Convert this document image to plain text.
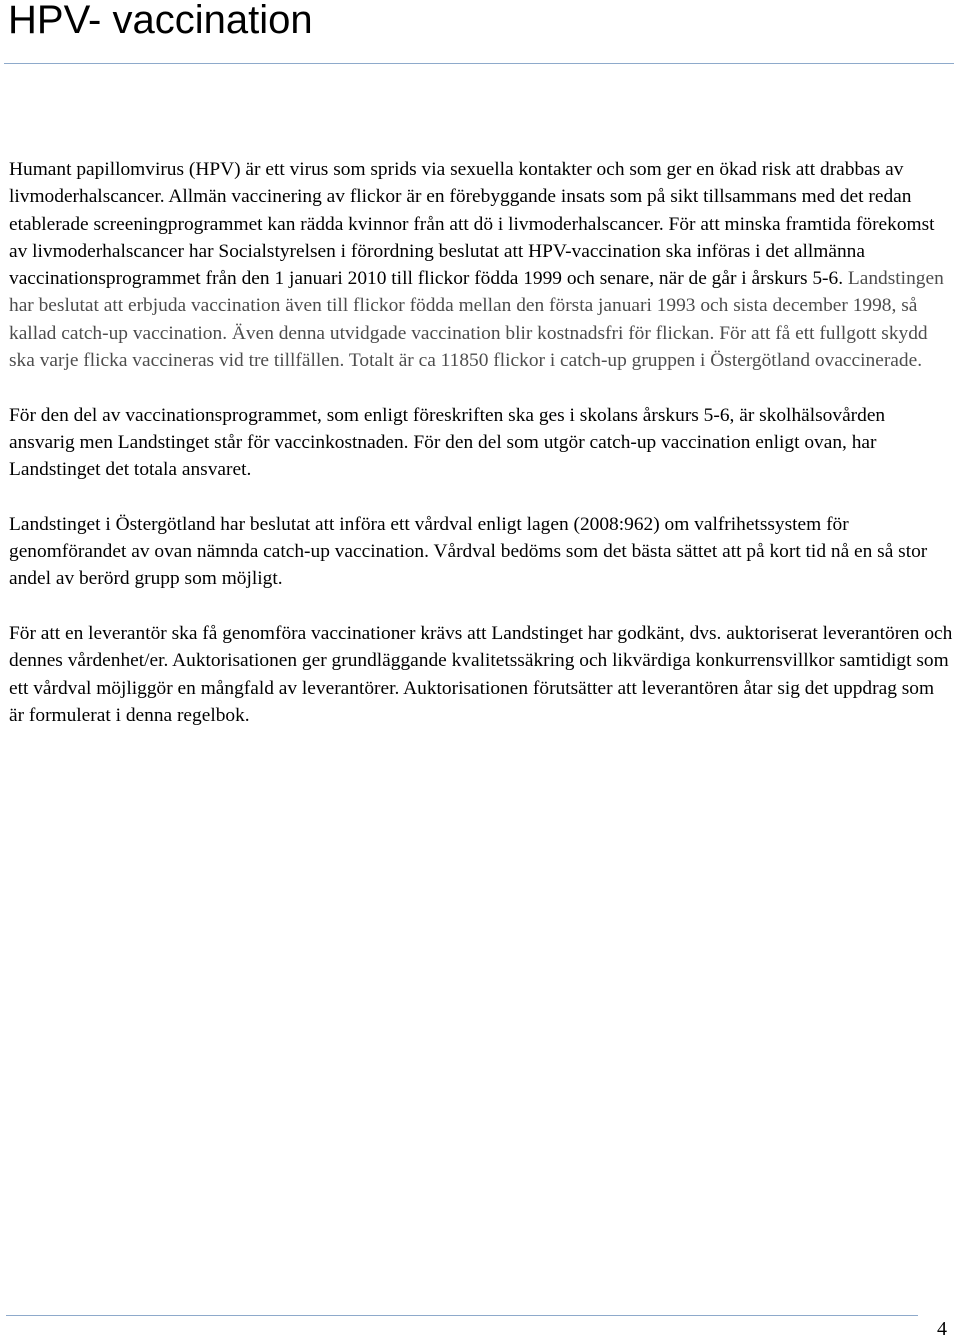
HPV- vaccination

Humant papillomvirus (HPV) är ett virus som sprids via sexuella kontakter och som ger en ökad risk att drabbas av livmoderhalscancer. Allmän vaccinering av flickor är en förebyggande insats som på sikt tillsammans med det redan etablerade screeningprogrammet kan rädda kvinnor från att dö i livmoderhalscancer. För att minska framtida förekomst av livmoderhalscancer har Socialstyrelsen i förordning beslutat att HPV-vaccination ska införas i det allmänna vaccinationsprogrammet från den 1 januari 2010 till flickor födda 1999 och senare, när de går i årskurs 5-6. Landstingen har beslutat att erbjuda vaccination även till flickor födda mellan den första januari 1993 och sista december 1998, så kallad catch-up vaccination. Även denna utvidgade vaccination blir kostnadsfri för flickan. För att få ett fullgott skydd ska varje flicka vaccineras vid tre tillfällen. Totalt är ca 11850 flickor i catch-up gruppen i Östergötland ovaccinerade.

För den del av vaccinationsprogrammet, som enligt föreskriften ska ges i skolans årskurs 5-6, är skolhälsovården ansvarig men Landstinget står för vaccinkostnaden. För den del som utgör catch-up vaccination enligt ovan, har Landstinget det totala ansvaret.

Landstinget i Östergötland har beslutat att införa ett vårdval enligt lagen (2008:962) om valfrihetssystem för genomförandet av ovan nämnda catch-up vaccination. Vårdval bedöms som det bästa sättet att på kort tid nå en så stor andel av berörd grupp som möjligt.

För att en leverantör ska få genomföra vaccinationer krävs att Landstinget har godkänt, dvs. auktoriserat leverantören och dennes vårdenhet/er. Auktorisationen ger grundläggande kvalitetssäkring och likvärdiga konkurrensvillkor samtidigt som ett vårdval möjliggör en mångfald av leverantörer. Auktorisationen förutsätter att leverantören åtar sig det uppdrag som är formulerat i denna regelbok.

4
